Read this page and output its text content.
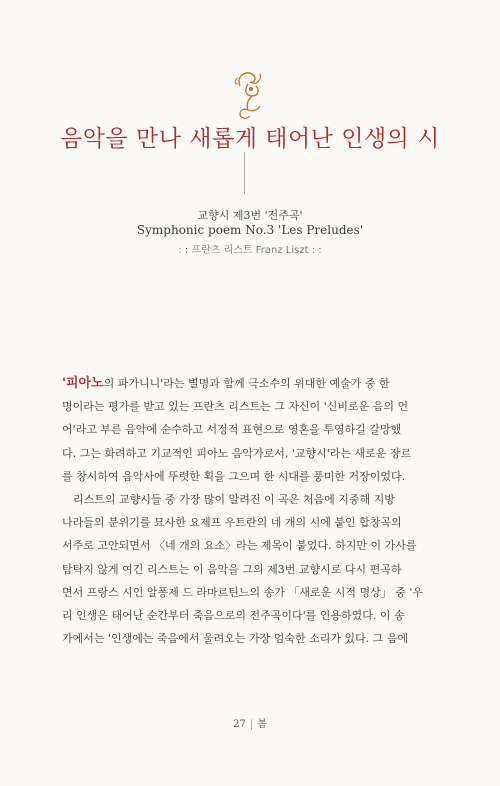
음악을 만나 새롭게 태어난 인생의 시
교향시 제3번 '전주곡'
Symphonic poem No.3 'Les Preludes'
: : 프란츠 리스트 Franz Liszt : :
'피아노의 파가니니'라는 별명과 함께 극소수의 위대한 예술가 중 한
명이라는 평가를 받고 있는 프란츠 리스트는 그 자신이 '신비로운 음의 언
어'라고 부른 음악에 순수하고 서정적 표현으로 영혼을 투영하길 갈망했
다. 그는 화려하고 기교적인 피아노 음악가로서, '교향시'라는 새로운 장르
를 창시하여 음악사에 뚜렷한 획을 그으며 한 시대를 풍미한 거장이었다.
리스트의 교향시들 중 가장 많이 알려진 이 곡은 처음에 지중해 지방
나라들의 분위기를 묘사한 요제프 우트란의 네 개의 시에 붙인 합창곡의
서주로 고안되면서 〈네 개의 요소〉라는 제목이 붙었다. 하지만 이 가사를
탐탁지 않게 여긴 리스트는 이 음악을 그의 제3번 교향시로 다시 편곡하
면서 프랑스 시인 알퐁제 드 라마르틴느의 송가 「새로운 시적 명상」 중 '우
리 인생은 태어난 순간부터 죽음으로의 전주곡이다'를 인용하였다. 이 송
가에서는 '인생에는 죽음에서 울려오는 가장 엄숙한 소리가 있다. 그 음에
27 | 봄
